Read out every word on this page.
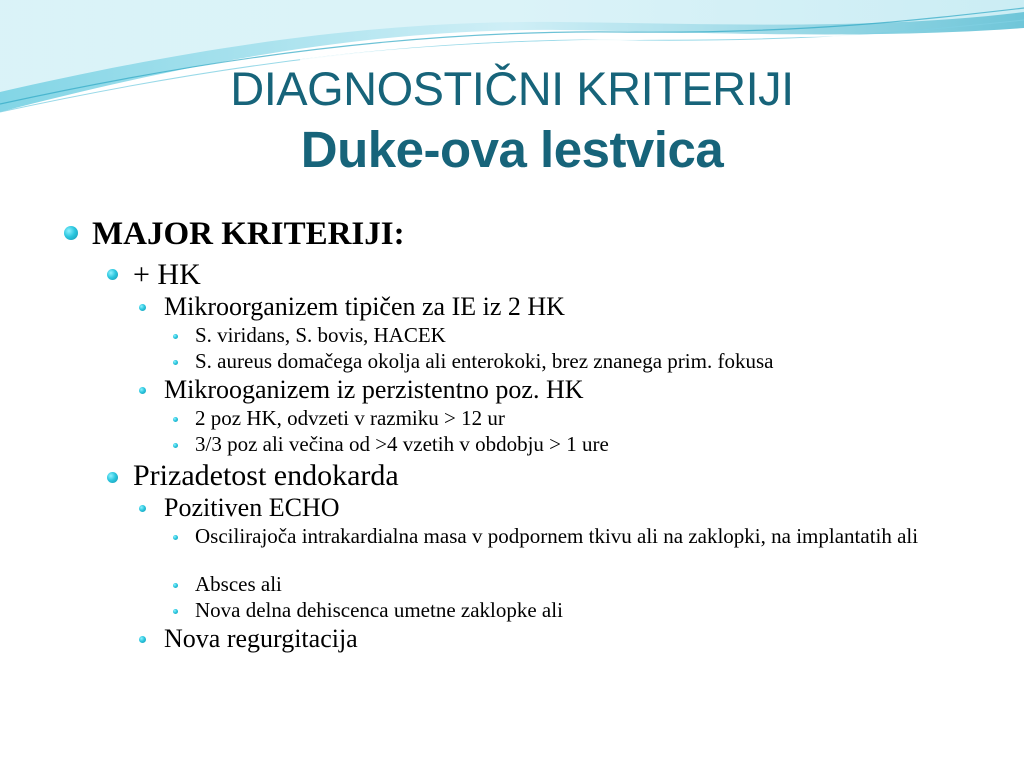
DIAGNOSTIČNI KRITERIJI
Duke-ova lestvica
MAJOR KRITERIJI:
+ HK
Mikroorganizem tipičen za IE iz 2 HK
S. viridans, S. bovis, HACEK
S. aureus domačega okolja ali enterokoki, brez znanega prim. fokusa
Mikrooganizem iz perzistentno poz. HK
2 poz HK, odvzeti v razmiku > 12 ur
3/3 poz ali večina od >4 vzetih v obdobju > 1 ure
Prizadetost endokarda
Pozitiven ECHO
Oscilirajoča intrakardialna masa v podpornem tkivu ali na zaklopki, na implantatih ali
Absces ali
Nova delna dehiscenca umetne zaklopke ali
Nova regurgitacija
